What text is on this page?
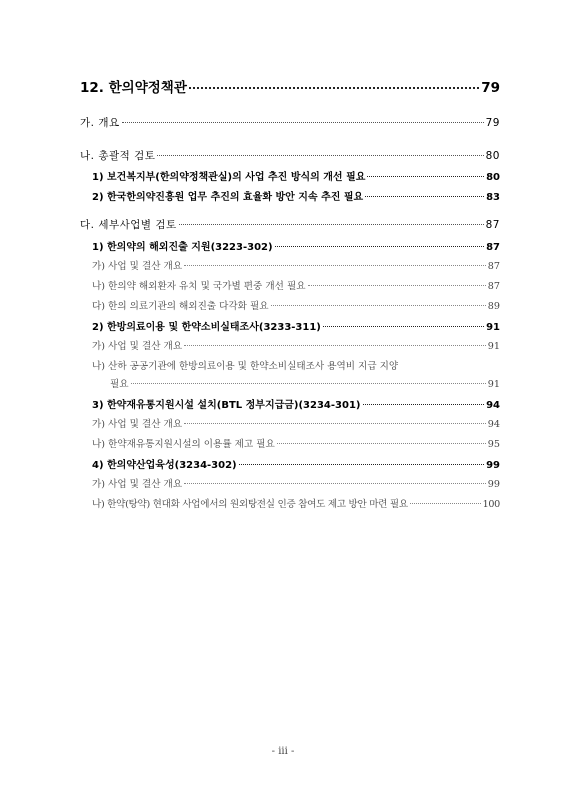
12. 한의약정책관	79
가. 개요	79
나. 총괄적 검토	80
1) 보건복지부(한의약정책관실)의 사업 추진 방식의 개선 필요	80
2) 한국한의약진흥원 업무 추진의 효율화 방안 지속 추진 필요	83
다. 세부사업별 검토	87
1) 한의약의 해외진출 지원(3223-302)	87
가) 사업 및 결산 개요	87
나) 한의약 해외환자 유치 및 국가별 편중 개선 필요	87
다) 한의 의료기관의 해외진출 다각화 필요	89
2) 한방의료이용 및 한약소비실태조사(3233-311)	91
가) 사업 및 결산 개요	91
나) 산하 공공기관에 한방의료이용 및 한약소비실태조사 용역비 지급 지양
필요	91
3) 한약재유통지원시설 설치(BTL 정부지급금)(3234-301)	94
가) 사업 및 결산 개요	94
나) 한약재유통지원시설의 이용률 제고 필요	95
4) 한의약산업육성(3234-302)	99
가) 사업 및 결산 개요	99
나) 한약(탕약) 현대화 사업에서의 원외탕전실 인증 참여도 제고 방안 마련 필요	100
- iii -
